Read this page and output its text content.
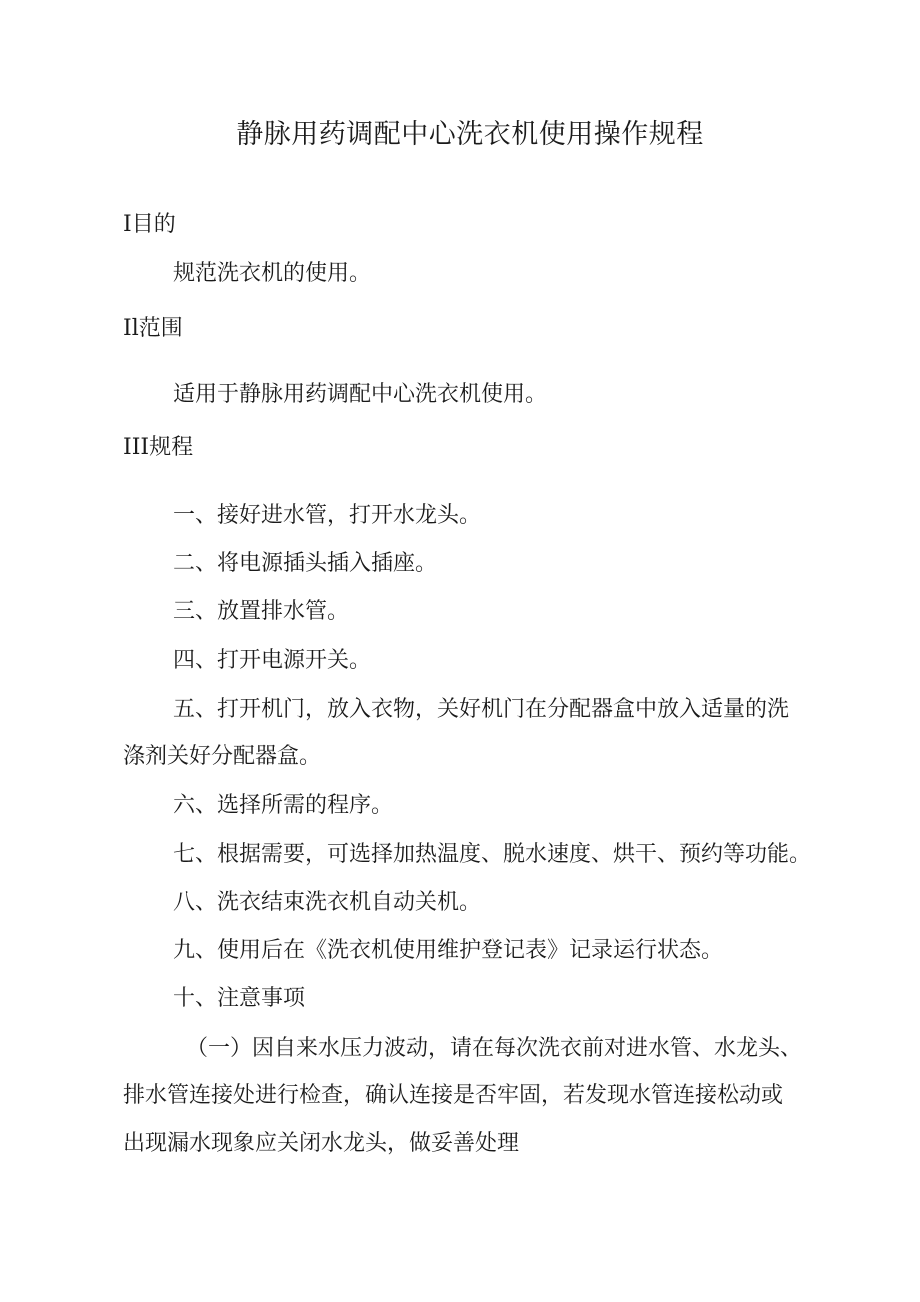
静脉用药调配中心洗衣机使用操作规程
I目的
规范洗衣机的使用。
Il范围
适用于静脉用药调配中心洗衣机使用。
III规程
一、接好进水管，打开水龙头。
二、将电源插头插入插座。
三、放置排水管。
四、打开电源开关。
五、打开机门，放入衣物，关好机门在分配器盒中放入适量的洗
涤剂关好分配器盒。
六、选择所需的程序。
七、根据需要，可选择加热温度、脱水速度、烘干、预约等功能。
八、洗衣结束洗衣机自动关机。
九、使用后在《洗衣机使用维护登记表》记录运行状态。
十、注意事项
（一）因自来水压力波动，请在每次洗衣前对进水管、水龙头、
排水管连接处进行检查，确认连接是否牢固，若发现水管连接松动或
出现漏水现象应关闭水龙头，做妥善处理
